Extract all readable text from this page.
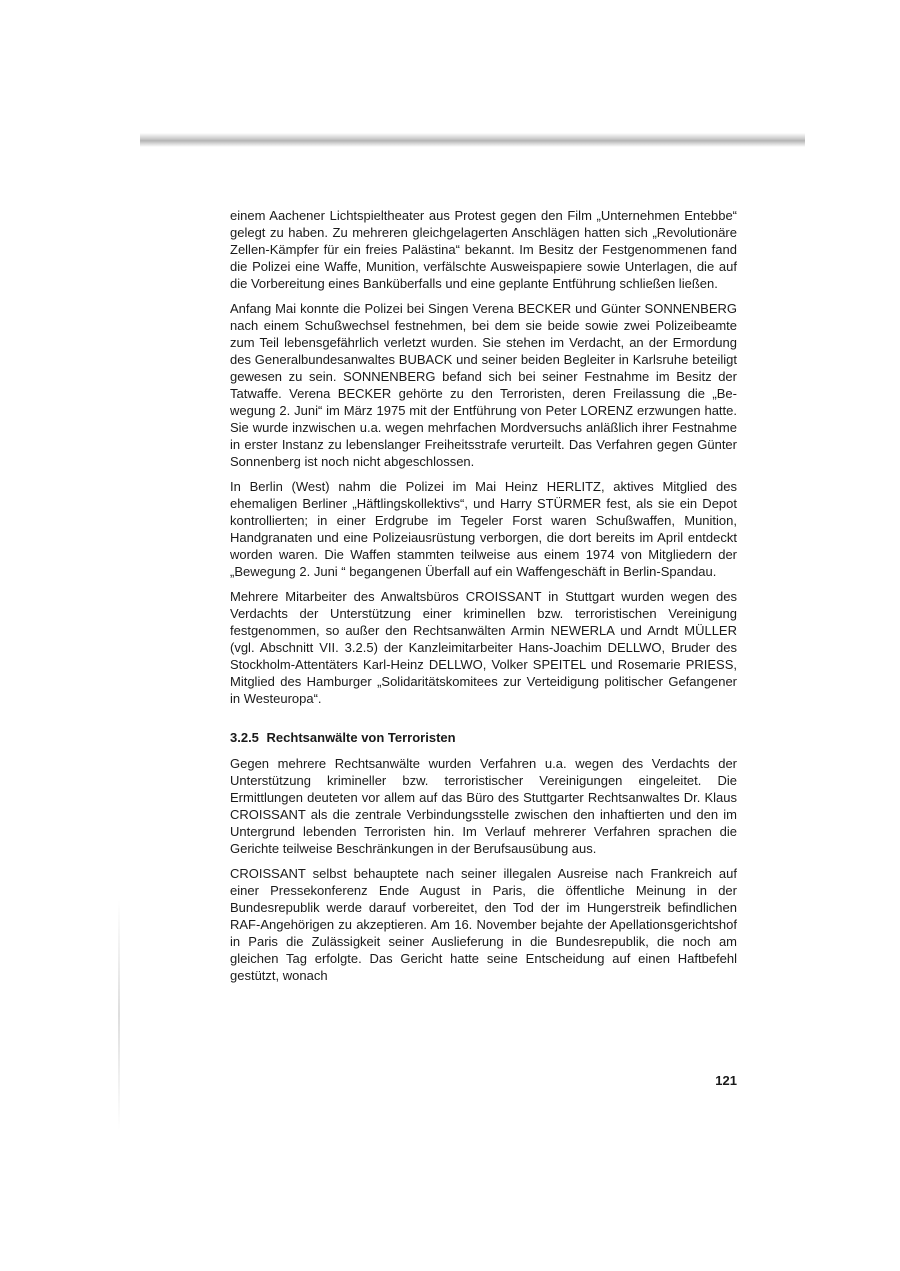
einem Aachener Lichtspieltheater aus Protest gegen den Film „Unternehmen Entebbe“ gelegt zu haben. Zu mehreren gleichgelagerten Anschlägen hatten sich „Revolutionäre Zellen-Kämpfer für ein freies Palästina“ bekannt. Im Besitz der Festgenommenen fand die Polizei eine Waffe, Munition, verfälschte Ausweispapiere sowie Unterlagen, die auf die Vorbereitung eines Banküberfalls und eine geplante Entführung schließen ließen.

Anfang Mai konnte die Polizei bei Singen Verena BECKER und Günter SONNENBERG nach einem Schußwechsel festnehmen, bei dem sie beide sowie zwei Polizeibeamte zum Teil lebensgefährlich verletzt wurden. Sie stehen im Verdacht, an der Ermordung des Generalbundesanwaltes BUBACK und seiner beiden Begleiter in Karlsruhe beteiligt gewesen zu sein. SONNENBERG befand sich bei seiner Festnahme im Besitz der Tatwaffe. Verena BECKER gehörte zu den Terroristen, deren Freilassung die „Bewegung 2. Juni“ im März 1975 mit der Entführung von Peter LORENZ erzwungen hatte. Sie wurde inzwischen u.a. wegen mehrfachen Mordversuchs anläßlich ihrer Festnahme in erster Instanz zu lebenslanger Freiheitsstrafe verurteilt. Das Verfahren gegen Günter Sonnenberg ist noch nicht abgeschlossen.

In Berlin (West) nahm die Polizei im Mai Heinz HERLITZ, aktives Mitglied des ehemaligen Berliner „Häftlingskollektivs“, und Harry STÜRMER fest, als sie ein Depot kontrollierten; in einer Erdgrube im Tegeler Forst waren Schußwaffen, Munition, Handgranaten und eine Polizeiausrüstung verborgen, die dort bereits im April entdeckt worden waren. Die Waffen stammten teilweise aus einem 1974 von Mitgliedern der „Bewegung 2. Juni “ begangenen Überfall auf ein Waffengeschäft in Berlin-Spandau.

Mehrere Mitarbeiter des Anwaltsbüros CROISSANT in Stuttgart wurden wegen des Verdachts der Unterstützung einer kriminellen bzw. terroristischen Vereinigung festgenommen, so außer den Rechtsanwälten Armin NEWERLA und Arndt MÜLLER (vgl. Abschnitt VII. 3.2.5) der Kanzleimitarbeiter Hans-Joachim DELLWO, Bruder des Stockholm-Attentäters Karl-Heinz DELLWO, Volker SPEITEL und Rosemarie PRIESS, Mitglied des Hamburger „Solidaritätskomitees zur Verteidigung politischer Gefangener in Westeuropa“.

3.2.5 Rechtsanwälte von Terroristen

Gegen mehrere Rechtsanwälte wurden Verfahren u.a. wegen des Verdachts der Unterstützung krimineller bzw. terroristischer Vereinigungen eingeleitet. Die Ermittlungen deuteten vor allem auf das Büro des Stuttgarter Rechtsanwaltes Dr. Klaus CROISSANT als die zentrale Verbindungsstelle zwischen den inhaftierten und den im Untergrund lebenden Terroristen hin. Im Verlauf mehrerer Verfahren sprachen die Gerichte teilweise Beschränkungen in der Berufsausübung aus.

CROISSANT selbst behauptete nach seiner illegalen Ausreise nach Frankreich auf einer Pressekonferenz Ende August in Paris, die öffentliche Meinung in der Bundesrepublik werde darauf vorbereitet, den Tod der im Hungerstreik befindlichen RAF-Angehörigen zu akzeptieren. Am 16. November bejahte der Apellationsgerichtshof in Paris die Zulässigkeit seiner Auslieferung in die Bundesrepublik, die noch am gleichen Tag erfolgte. Das Gericht hatte seine Entscheidung auf einen Haftbefehl gestützt, wonach

121
